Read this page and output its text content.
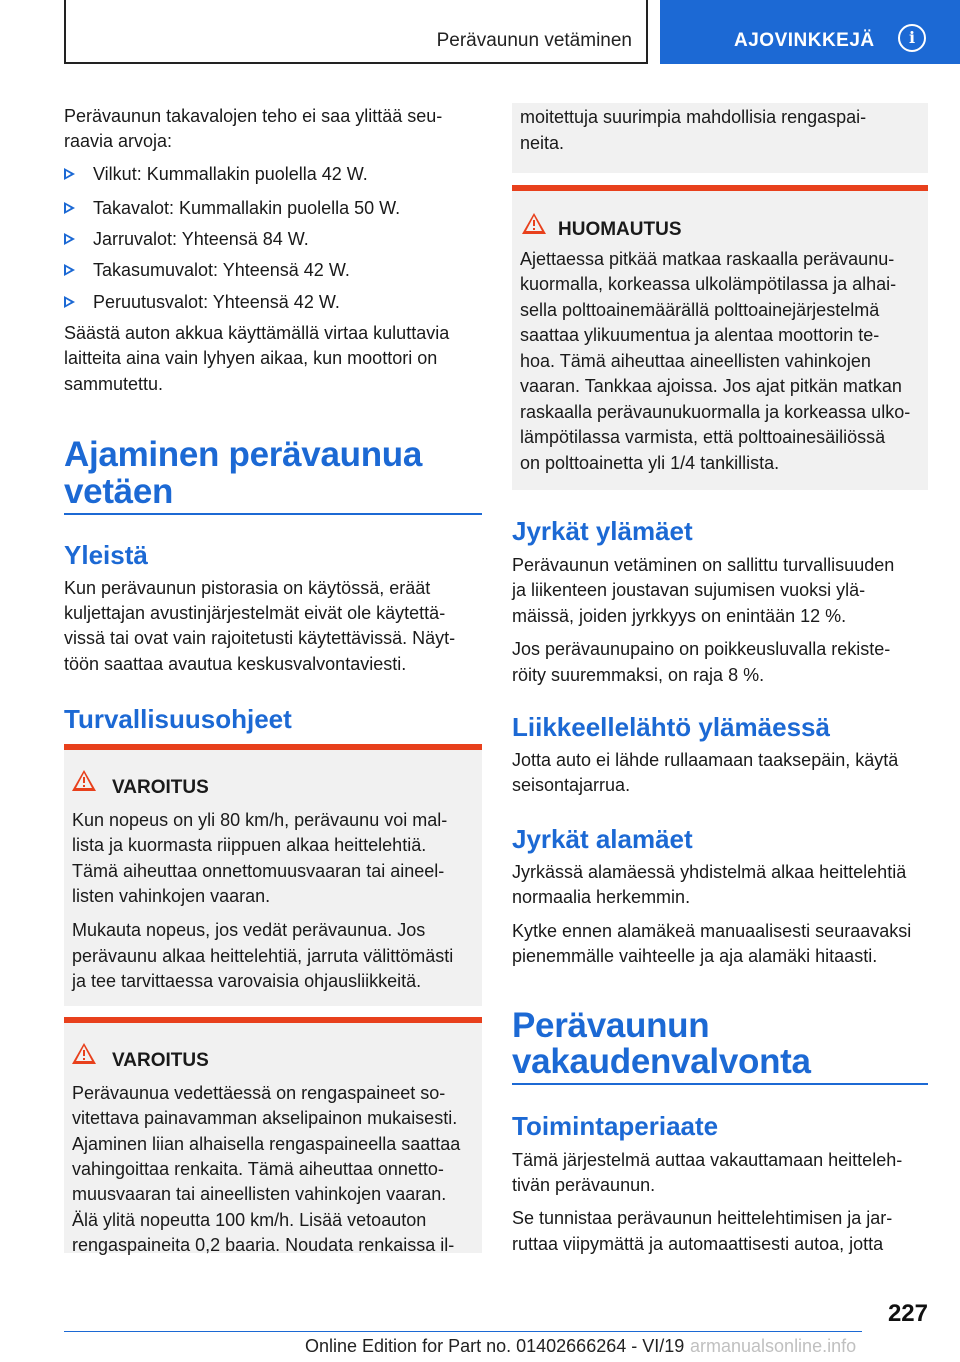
Perävaunun vetäminen	AJOVINKKEJÄ	i

Perävaunun takavalojen teho ei saa ylittää seu-

raavia arvoja:

Vilkut: Kummallakin puolella 42 W.
Takavalot: Kummallakin puolella 50 W.
Jarruvalot: Yhteensä 84 W.
Takasumuvalot: Yhteensä 42 W.
Peruutusvalot: Yhteensä 42 W.

Säästä auton akkua käyttämällä virtaa kuluttavia

laitteita aina vain lyhyen aikaa, kun moottori on

sammutettu.

Ajaminen perävaunua
vetäen
Yleistä

Kun perävaunun pistorasia on käytössä, eräät

kuljettajan avustinjärjestelmät eivät ole käytettä-

vissä tai ovat vain rajoitetusti käytettävissä. Näyt-

töön saattaa avautua keskusvalvontaviesti.

Turvallisuusohjeet
VAROITUS

Kun nopeus on yli 80 km/h, perävaunu voi mal-

lista ja kuormasta riippuen alkaa heittelehtiä.

Tämä aiheuttaa onnettomuusvaaran tai aineel-

listen vahinkojen vaaran.

Mukauta nopeus, jos vedät perävaunua. Jos

perävaunu alkaa heittelehtiä, jarruta välittömästi

ja tee tarvittaessa varovaisia ohjausliikkeitä.

VAROITUS

Perävaunua vedettäessä on rengaspaineet so-

vitettava painavamman akselipainon mukaisesti.

Ajaminen liian alhaisella rengaspaineella saattaa

vahingoittaa renkaita. Tämä aiheuttaa onnetto-

muusvaaran tai aineellisten vahinkojen vaaran.

Älä ylitä nopeutta 100 km/h. Lisää vetoauton

rengaspaineita 0,2 baaria. Noudata renkaissa il-

moitettuja suurimpia mahdollisia rengaspai-

neita.

HUOMAUTUS

Ajettaessa pitkää matkaa raskaalla perävaunu-

kuormalla, korkeassa ulkolämpötilassa ja alhai-

sella polttoainemäärällä polttoainejärjestelmä

saattaa ylikuumentua ja alentaa moottorin te-

hoa. Tämä aiheuttaa aineellisten vahinkojen

vaaran. Tankkaa ajoissa. Jos ajat pitkän matkan

raskaalla perävaunukuormalla ja korkeassa ulko-

lämpötilassa varmista, että polttoainesäiliössä

on polttoainetta yli 1/4 tankillista.

Jyrkät ylämäet

Perävaunun vetäminen on sallittu turvallisuuden

ja liikenteen joustavan sujumisen vuoksi ylä-

mäissä, joiden jyrkkyys on enintään 12 %.

Jos perävaunupaino on poikkeusluvalla rekiste-

röity suuremmaksi, on raja 8 %.

Liikkeellelähtö ylämäessä

Jotta auto ei lähde rullaamaan taaksepäin, käytä

seisontajarrua.

Jyrkät alamäet

Jyrkässä alamäessä yhdistelmä alkaa heittelehtiä

normaalia herkemmin.

Kytke ennen alamäkeä manuaalisesti seuraavaksi

pienemmälle vaihteelle ja aja alamäki hitaasti.

Perävaunun
vakaudenvalvonta
Toimintaperiaate

Tämä järjestelmä auttaa vakauttamaan heitteleh-

tivän perävaunun.

Se tunnistaa perävaunun heittelehtimisen ja jar-

ruttaa viipymättä ja automaattisesti autoa, jotta

227
Online Edition for Part no. 01402666264 - VI/19 armanualsonline.info
